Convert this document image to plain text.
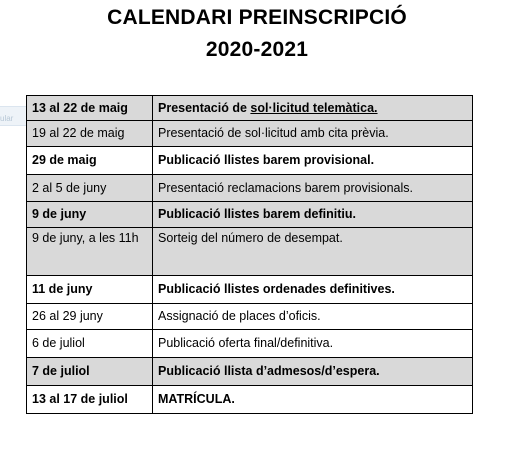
ular
CALENDARI PREINSCRIPCIÓ
2020-2021
13 al 22 de maig	Presentació de sol·licitud telemàtica.
19 al 22 de maig	Presentació de sol·licitud amb cita prèvia.
29 de maig	Publicació llistes barem provisional.
2 al 5 de juny	Presentació reclamacions barem provisionals.
9 de juny	Publicació llistes barem definitiu.
9 de juny, a les 11h	Sorteig del número de desempat.
11 de juny	Publicació llistes ordenades definitives.
26 al 29 juny	Assignació de places d’oficis.
6 de juliol	Publicació oferta final/definitiva.
7 de juliol	Publicació llista d’admesos/d’espera.
13 al 17 de juliol	MATRÍCULA.
